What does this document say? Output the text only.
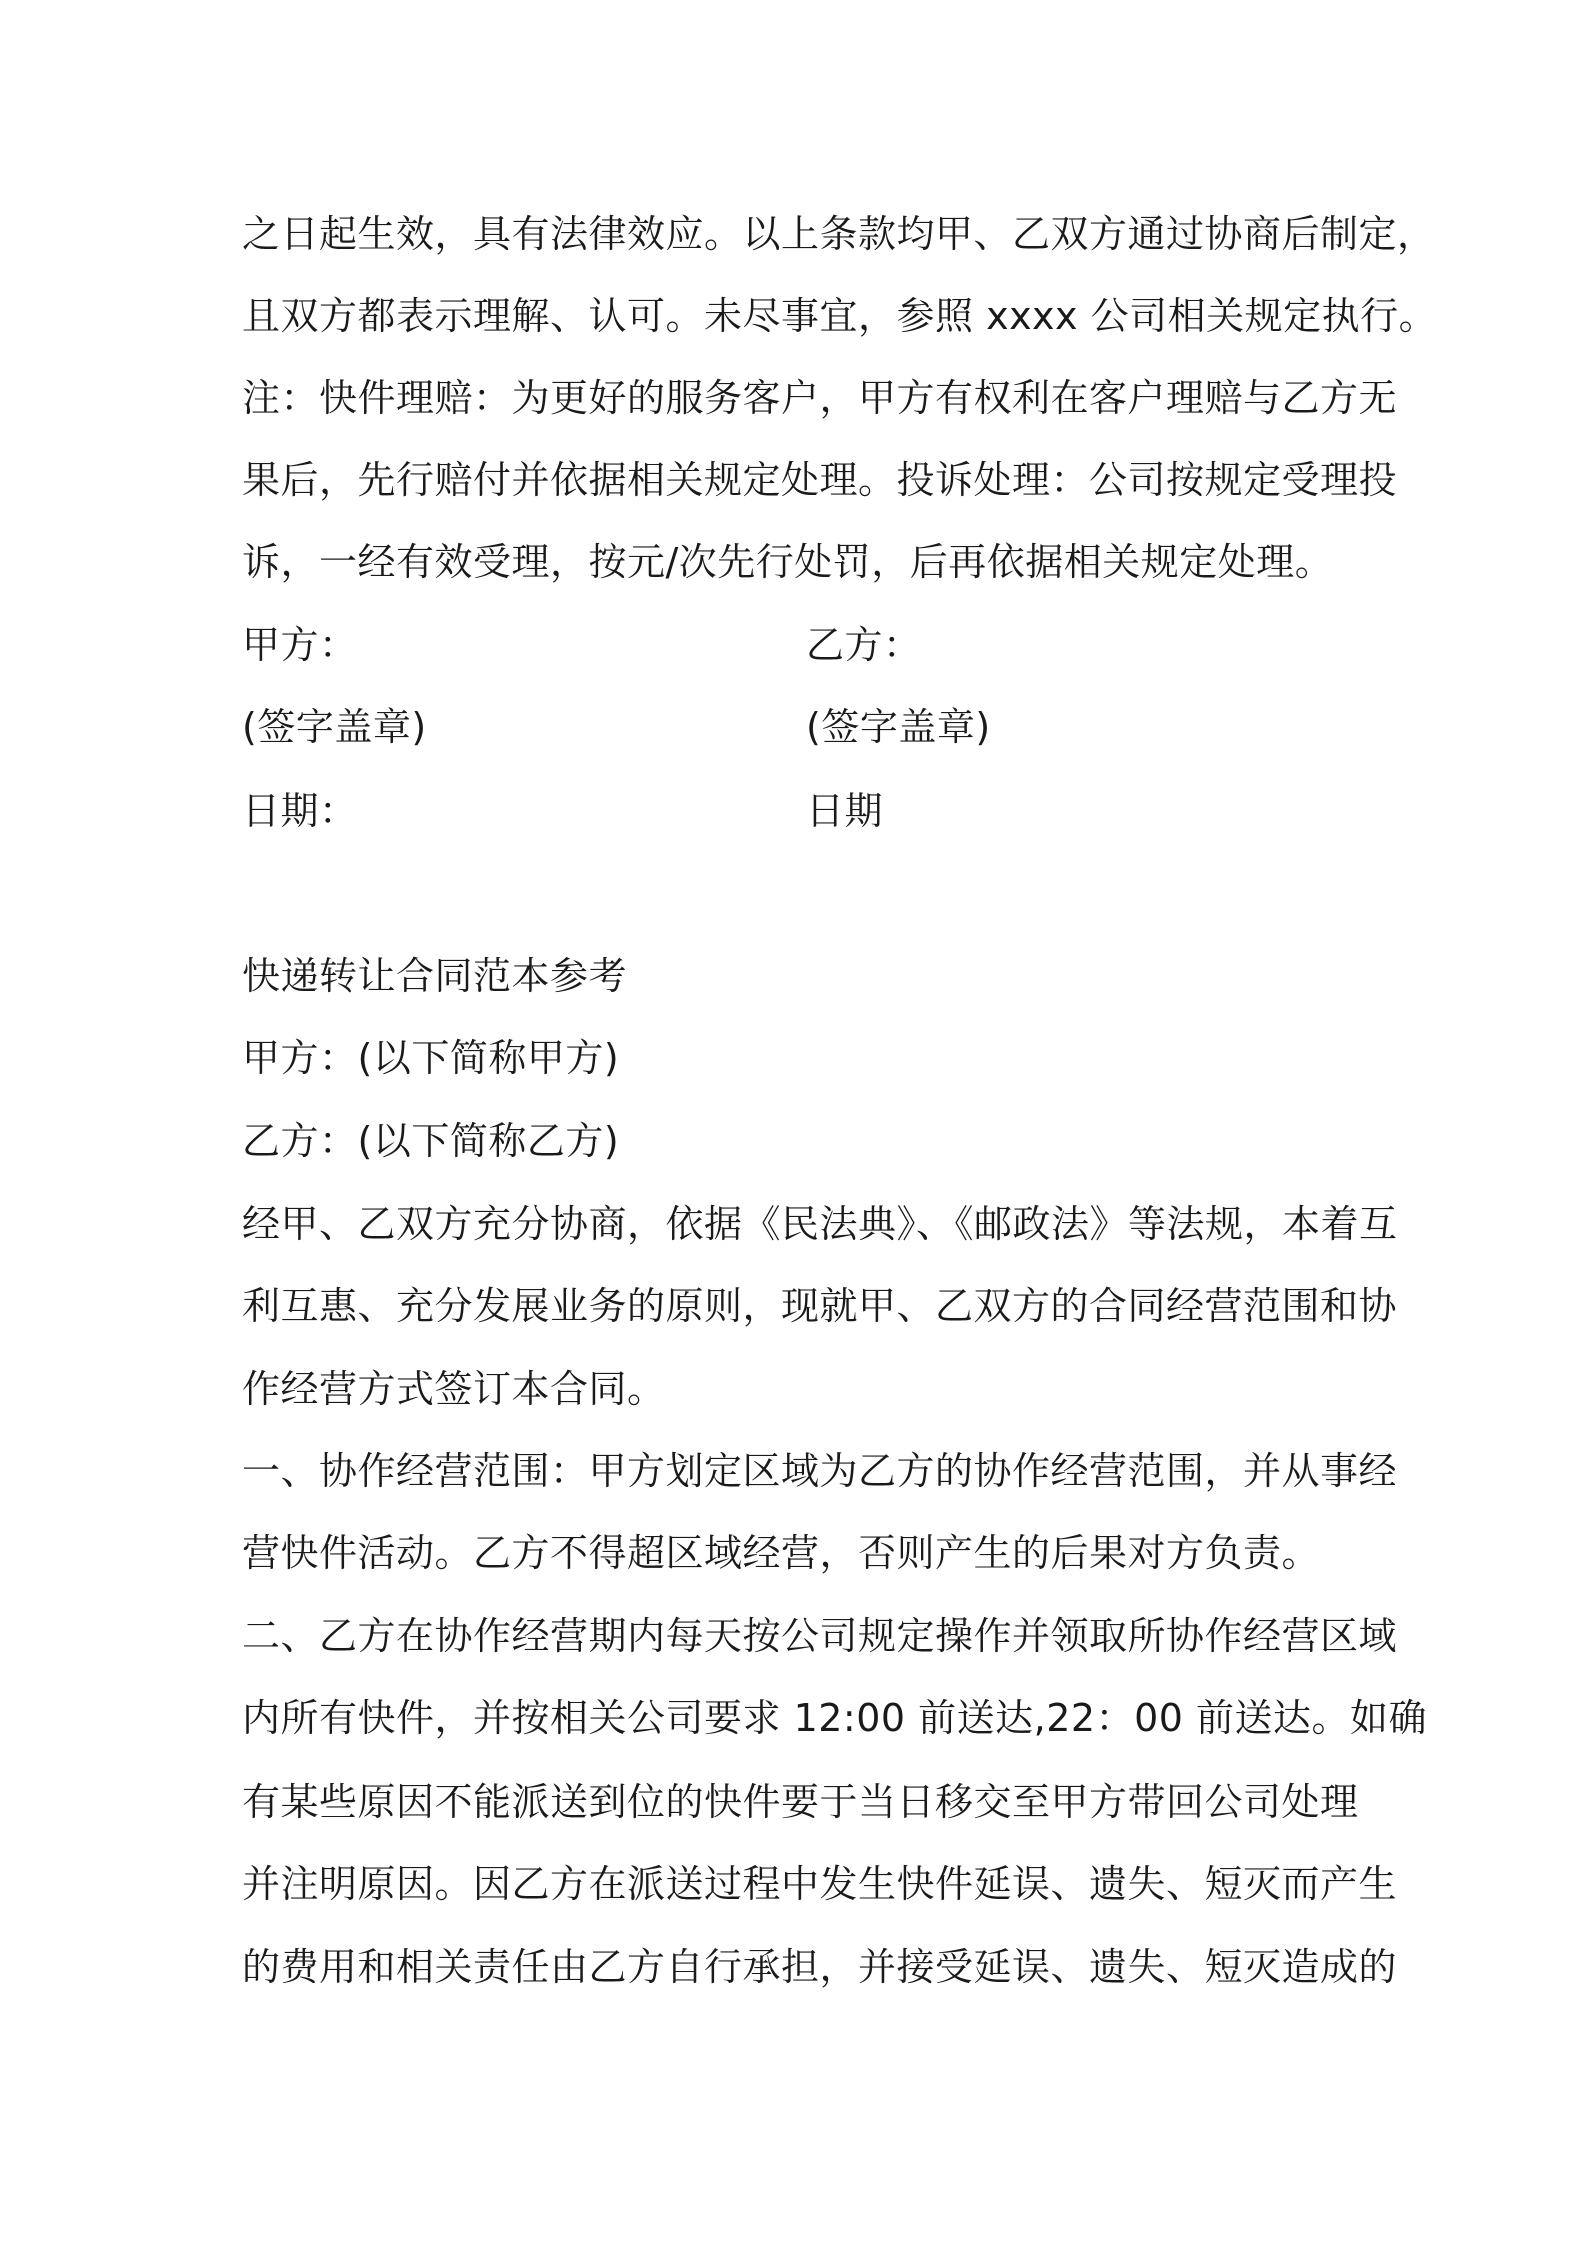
之日起生效，具有法律效应。以上条款均甲、乙双方通过协商后制定，
且双方都表示理解、认可。未尽事宜，参照 xxxx 公司相关规定执行。
注：快件理赔：为更好的服务客户，甲方有权利在客户理赔与乙方无
果后，先行赔付并依据相关规定处理。投诉处理：公司按规定受理投
诉，一经有效受理，按元/次先行处罚，后再依据相关规定处理。
甲方：	乙方：
(签字盖章)	(签字盖章)
日期：	日期
快递转让合同范本参考
甲方：(以下简称甲方)
乙方：(以下简称乙方)
经甲、乙双方充分协商，依据《民法典》、《邮政法》等法规，本着互
利互惠、充分发展业务的原则，现就甲、乙双方的合同经营范围和协
作经营方式签订本合同。
一、协作经营范围：甲方划定区域为乙方的协作经营范围，并从事经
营快件活动。乙方不得超区域经营，否则产生的后果对方负责。
二、乙方在协作经营期内每天按公司规定操作并领取所协作经营区域
内所有快件，并按相关公司要求 12:00 前送达,22：00 前送达。如确
有某些原因不能派送到位的快件要于当日移交至甲方带回公司处理
并注明原因。因乙方在派送过程中发生快件延误、遗失、短灭而产生
的费用和相关责任由乙方自行承担，并接受延误、遗失、短灭造成的
